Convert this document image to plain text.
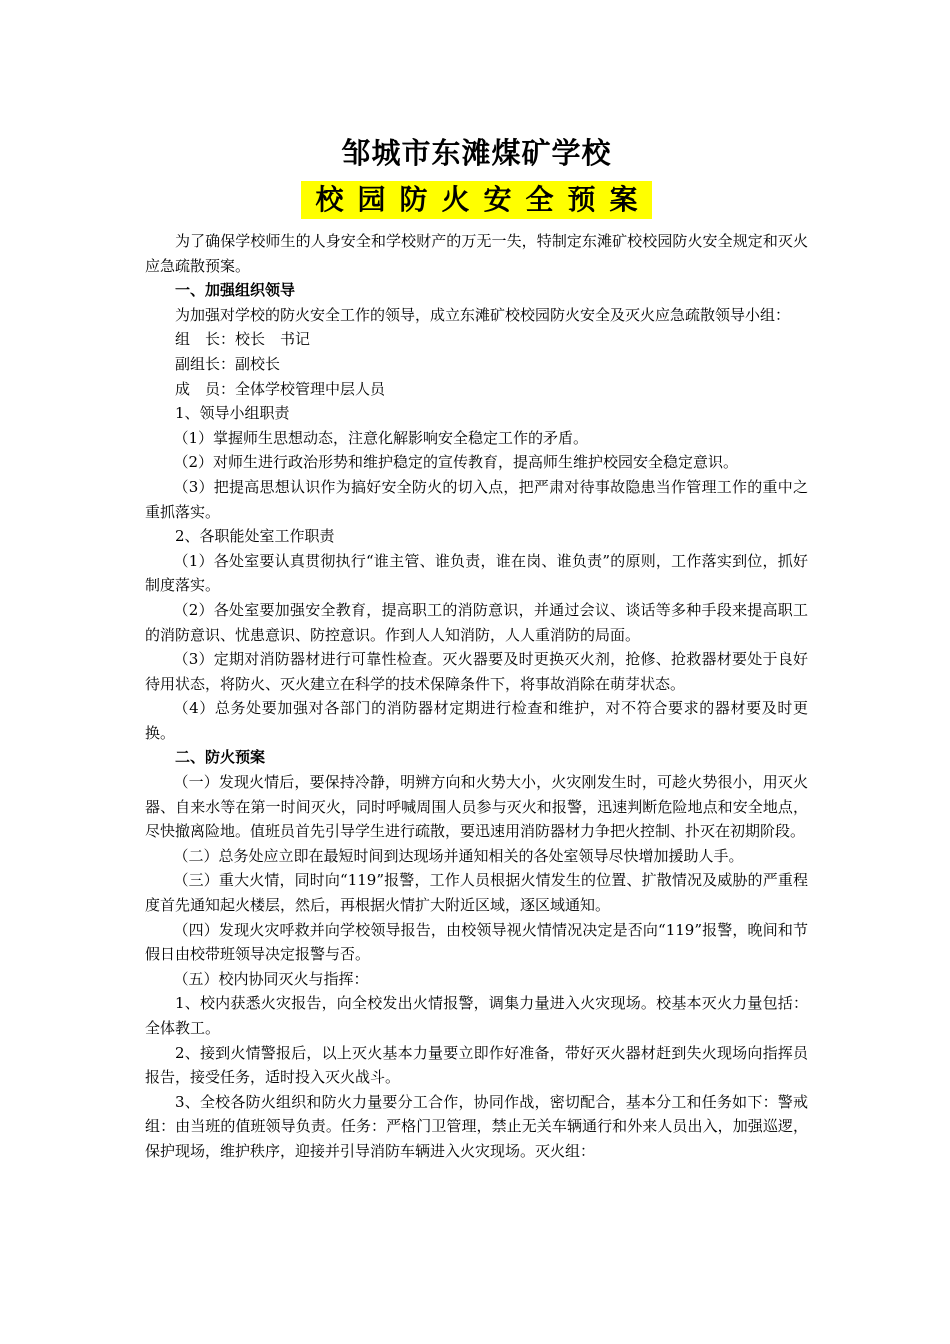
邹城市东滩煤矿学校
校园防火安全预案

为了确保学校师生的人身安全和学校财产的万无一失，特制定东滩矿校校园防火安全规定和灭火应急疏散预案。

一、加强组织领导

为加强对学校的防火安全工作的领导，成立东滩矿校校园防火安全及灭火应急疏散领导小组：

组　长：校长　书记

副组长：副校长

成　员：全体学校管理中层人员

1、领导小组职责

（1）掌握师生思想动态，注意化解影响安全稳定工作的矛盾。

（2）对师生进行政治形势和维护稳定的宣传教育，提高师生维护校园安全稳定意识。

（3）把提高思想认识作为搞好安全防火的切入点，把严肃对待事故隐患当作管理工作的重中之重抓落实。

2、各职能处室工作职责

（1）各处室要认真贯彻执行“谁主管、谁负责，谁在岗、谁负责”的原则，工作落实到位，抓好制度落实。

（2）各处室要加强安全教育，提高职工的消防意识，并通过会议、谈话等多种手段来提高职工的消防意识、忧患意识、防控意识。作到人人知消防，人人重消防的局面。

（3）定期对消防器材进行可靠性检查。灭火器要及时更换灭火剂，抢修、抢救器材要处于良好待用状态，将防火、灭火建立在科学的技术保障条件下，将事故消除在萌芽状态。

（4）总务处要加强对各部门的消防器材定期进行检查和维护，对不符合要求的器材要及时更换。

二、防火预案

（一）发现火情后，要保持冷静，明辨方向和火势大小，火灾刚发生时，可趁火势很小，用灭火器、自来水等在第一时间灭火，同时呼喊周围人员参与灭火和报警，迅速判断危险地点和安全地点，尽快撤离险地。值班员首先引导学生进行疏散，要迅速用消防器材力争把火控制、扑灭在初期阶段。

（二）总务处应立即在最短时间到达现场并通知相关的各处室领导尽快增加援助人手。

（三）重大火情，同时向“119”报警，工作人员根据火情发生的位置、扩散情况及威胁的严重程度首先通知起火楼层，然后，再根据火情扩大附近区域，逐区域通知。

（四）发现火灾呼救并向学校领导报告，由校领导视火情情况决定是否向“119”报警，晚间和节假日由校带班领导决定报警与否。

（五）校内协同灭火与指挥：

1、校内获悉火灾报告，向全校发出火情报警，调集力量进入火灾现场。校基本灭火力量包括：全体教工。

2、接到火情警报后，以上灭火基本力量要立即作好准备，带好灭火器材赶到失火现场向指挥员报告，接受任务，适时投入灭火战斗。

3、全校各防火组织和防火力量要分工合作，协同作战，密切配合，基本分工和任务如下：警戒组：由当班的值班领导负责。任务：严格门卫管理，禁止无关车辆通行和外来人员出入，加强巡逻，保护现场，维护秩序，迎接并引导消防车辆进入火灾现场。灭火组：
